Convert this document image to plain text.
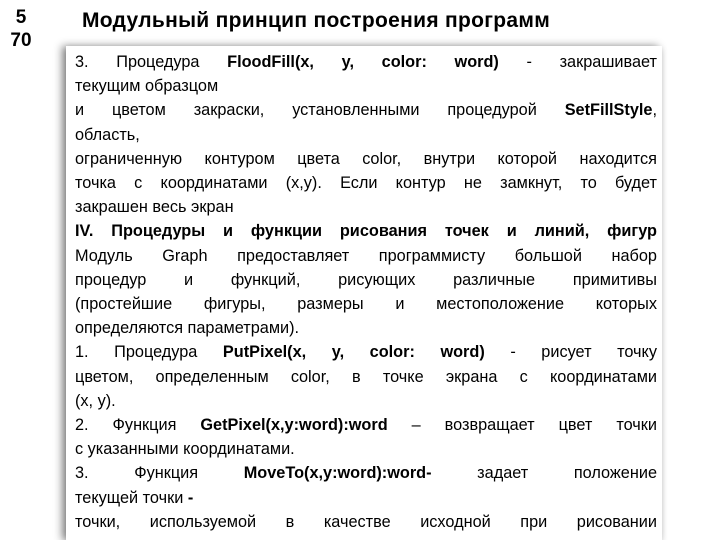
5
70
Модульный принцип построения программ

3. Процедура FloodFill(x, y, color: word) - закрашивает

текущим образцом

и цветом закраски, установленными процедурой SetFillStyle,

область,

ограниченную контуром цвета color, внутри которой находится

точка с координатами (x,y). Если контур не замкнут, то будет

закрашен весь экран

IV. Процедуры и функции рисования точек и линий, фигур

Модуль Graph предоставляет программисту большой набор

процедур и функций, рисующих различные примитивы

(простейшие фигуры, размеры и местоположение которых

определяются параметрами).

1. Процедура PutPixel(x, y, color: word) - рисует точку

цветом, определенным color, в точке экрана с координатами

(x, y).

2. Функция GetPixel(x,y:word):word – возвращает цвет точки

с указанными координатами.

3. Функция MoveTo(x,y:word):word- задает положение

текущей точки -

точки, используемой в качестве исходной при рисовании
